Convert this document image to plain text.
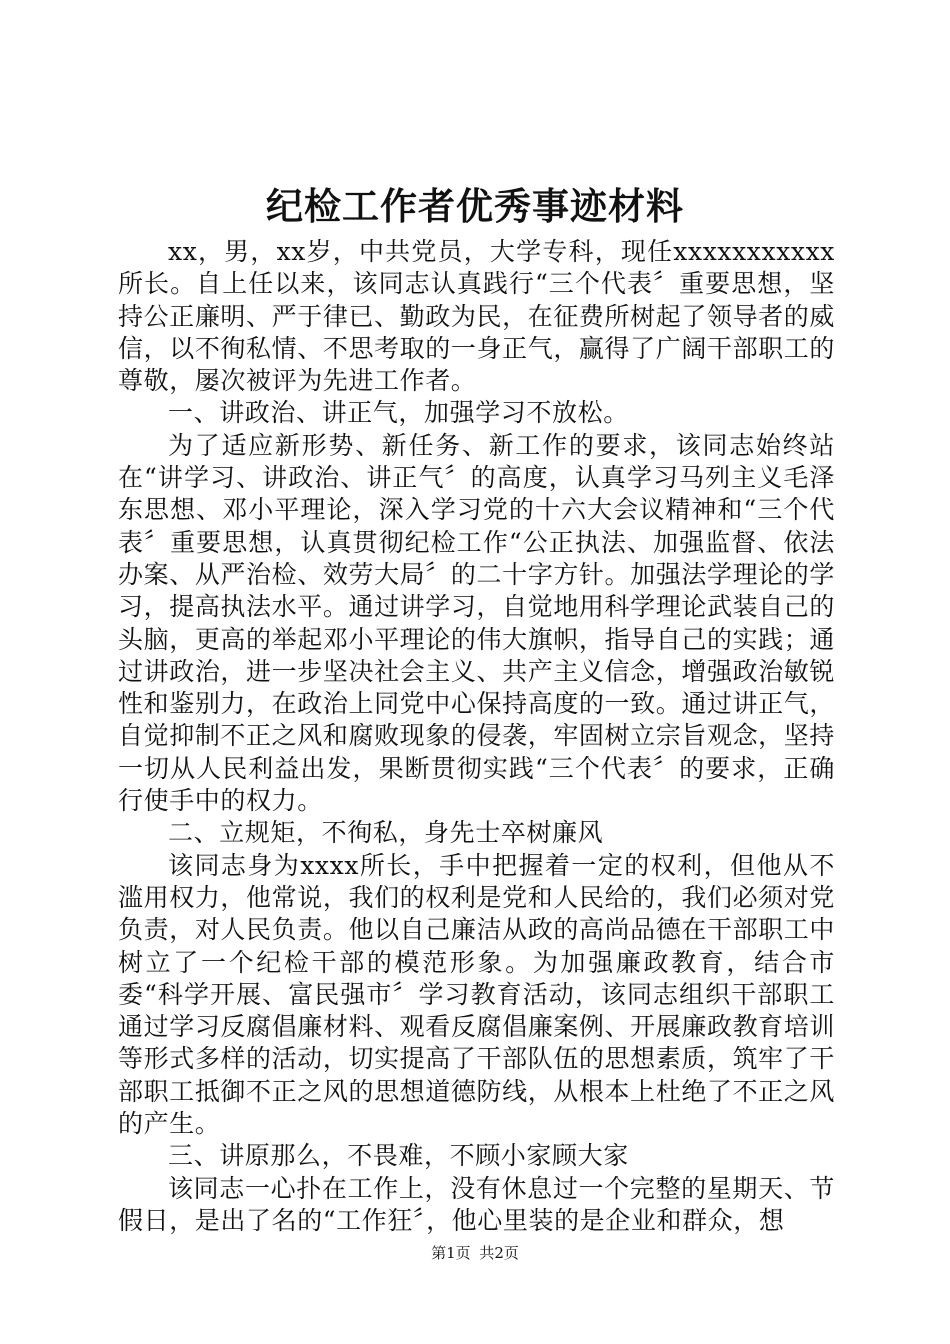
纪检工作者优秀事迹材料

xx，男，xx岁，中共党员，大学专科，现任xxxxxxxxxxx所长。自上任以来，该同志认真践行“三个代表〞重要思想，坚持公正廉明、严于律已、勤政为民，在征费所树起了领导者的威信，以不徇私情、不思考取的一身正气，赢得了广阔干部职工的尊敬，屡次被评为先进工作者。

一、讲政治、讲正气，加强学习不放松。

为了适应新形势、新任务、新工作的要求，该同志始终站在“讲学习、讲政治、讲正气〞的高度，认真学习马列主义毛泽东思想、邓小平理论，深入学习党的十六大会议精神和“三个代表〞重要思想，认真贯彻纪检工作“公正执法、加强监督、依法办案、从严治检、效劳大局〞的二十字方针。加强法学理论的学习，提高执法水平。通过讲学习，自觉地用科学理论武装自己的头脑，更高的举起邓小平理论的伟大旗帜，指导自己的实践；通过讲政治，进一步坚决社会主义、共产主义信念，增强政治敏锐性和鉴别力，在政治上同党中心保持高度的一致。通过讲正气，自觉抑制不正之风和腐败现象的侵袭，牢固树立宗旨观念，坚持一切从人民利益出发，果断贯彻实践“三个代表〞的要求，正确行使手中的权力。

二、立规矩，不徇私，身先士卒树廉风

该同志身为xxxx所长，手中把握着一定的权利，但他从不滥用权力，他常说，我们的权利是党和人民给的，我们必须对党负责，对人民负责。他以自己廉洁从政的高尚品德在干部职工中树立了一个纪检干部的模范形象。为加强廉政教育，结合市委“科学开展、富民强市〞学习教育活动，该同志组织干部职工通过学习反腐倡廉材料、观看反腐倡廉案例、开展廉政教育培训等形式多样的活动，切实提高了干部队伍的思想素质，筑牢了干部职工抵御不正之风的思想道德防线，从根本上杜绝了不正之风的产生。

三、讲原那么，不畏难，不顾小家顾大家

该同志一心扑在工作上，没有休息过一个完整的星期天、节假日，是出了名的“工作狂〞，他心里装的是企业和群众，想

第1页 共2页
